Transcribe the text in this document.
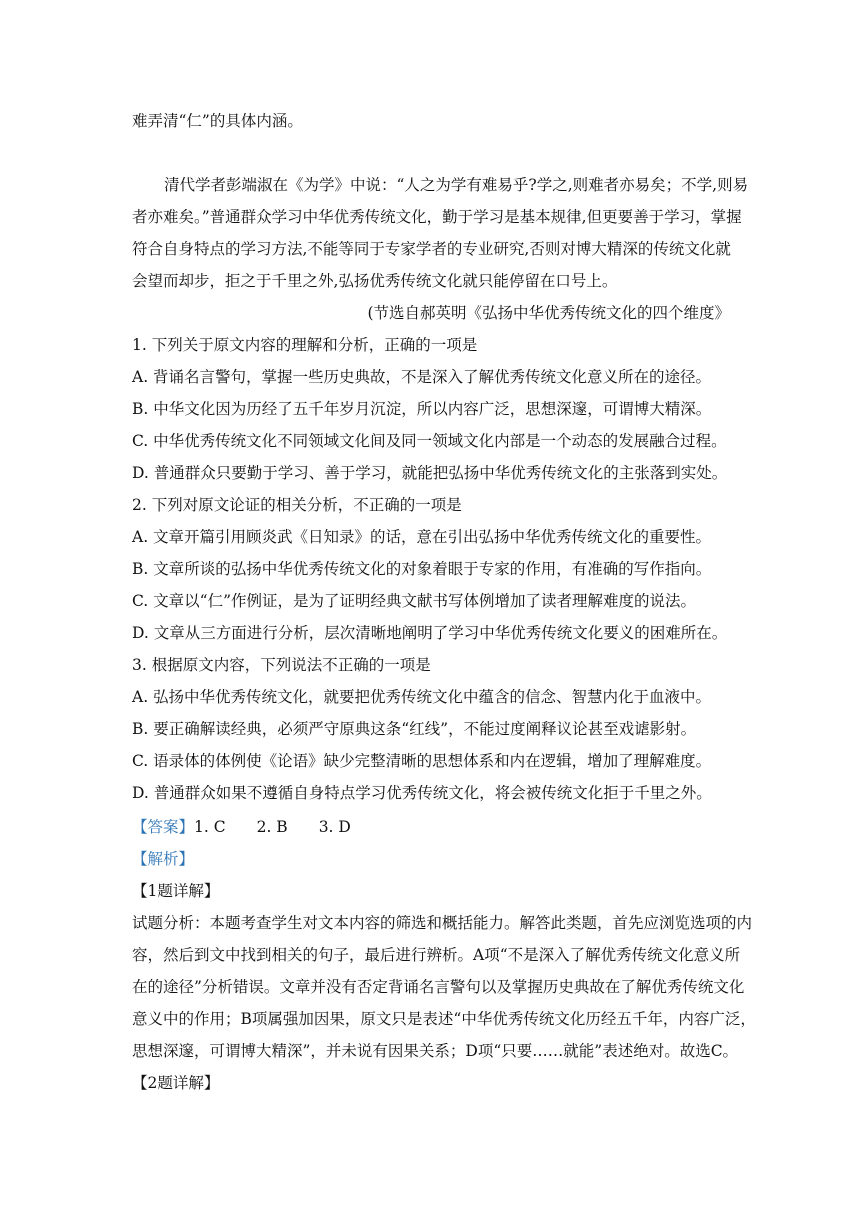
难弄清“仁”的具体内涵。
清代学者彭端淑在《为学》中说：“人之为学有难易乎?学之,则难者亦易矣；不学,则易
者亦难矣。”普通群众学习中华优秀传统文化，勤于学习是基本规律,但更要善于学习，掌握
符合自身特点的学习方法,不能等同于专家学者的专业研究,否则对博大精深的传统文化就
会望而却步，拒之于千里之外,弘扬优秀传统文化就只能停留在口号上。
(节选自郝英明《弘扬中华优秀传统文化的四个维度》
1. 下列关于原文内容的理解和分析，正确的一项是
A. 背诵名言警句，掌握一些历史典故，不是深入了解优秀传统文化意义所在的途径。
B. 中华文化因为历经了五千年岁月沉淀，所以内容广泛，思想深邃，可谓博大精深。
C. 中华优秀传统文化不同领域文化间及同一领域文化内部是一个动态的发展融合过程。
D. 普通群众只要勤于学习、善于学习，就能把弘扬中华优秀传统文化的主张落到实处。
2. 下列对原文论证的相关分析，不正确的一项是
A. 文章开篇引用顾炎武《日知录》的话，意在引出弘扬中华优秀传统文化的重要性。
B. 文章所谈的弘扬中华优秀传统文化的对象着眼于专家的作用，有准确的写作指向。
C. 文章以“仁”作例证，是为了证明经典文献书写体例增加了读者理解难度的说法。
D. 文章从三方面进行分析，层次清晰地阐明了学习中华优秀传统文化要义的困难所在。
3. 根据原文内容，下列说法不正确的一项是
A. 弘扬中华优秀传统文化，就要把优秀传统文化中蕴含的信念、智慧内化于血液中。
B. 要正确解读经典，必须严守原典这条“红线”，不能过度阐释议论甚至戏谑影射。
C. 语录体的体例使《论语》缺少完整清晰的思想体系和内在逻辑，增加了理解难度。
D. 普通群众如果不遵循自身特点学习优秀传统文化，将会被传统文化拒于千里之外。
【答案】1. C　　2. B　　3. D
【解析】
【1题详解】
试题分析：本题考查学生对文本内容的筛选和概括能力。解答此类题，首先应浏览选项的内
容，然后到文中找到相关的句子，最后进行辨析。A项“不是深入了解优秀传统文化意义所
在的途径”分析错误。文章并没有否定背诵名言警句以及掌握历史典故在了解优秀传统文化
意义中的作用；B项属强加因果，原文只是表述“中华优秀传统文化历经五千年，内容广泛，
思想深邃，可谓博大精深”，并未说有因果关系；D项“只要……就能”表述绝对。故选C。
【2题详解】
